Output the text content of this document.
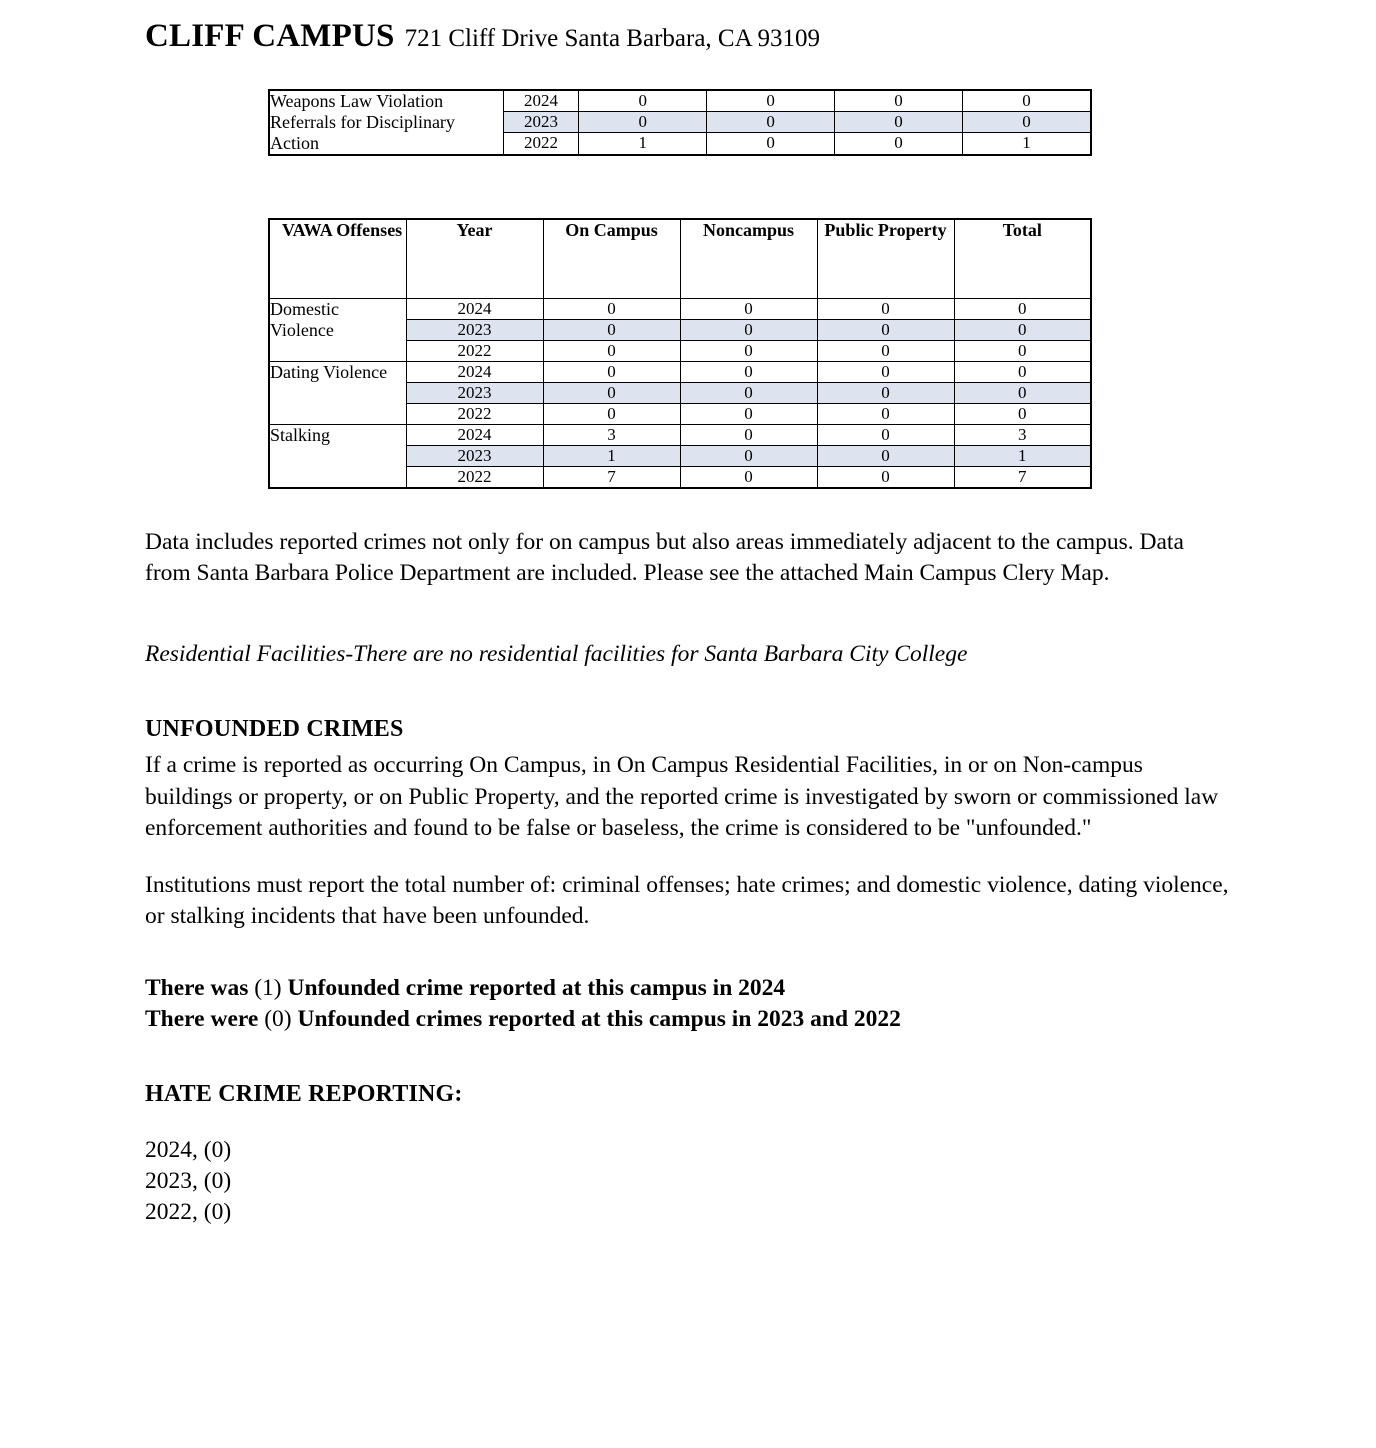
CLIFF CAMPUS 721 Cliff Drive Santa Barbara, CA 93109
Weapons Law Violation Referrals for Disciplinary Action	2024	0	0	0	0
	2023	0	0	0	0
	2022	1	0	0	1
VAWA Offenses	Year	On Campus	Noncampus	Public Property	Total
Domestic Violence	2024	0	0	0	0
	2023	0	0	0	0
	2022	0	0	0	0
Dating Violence	2024	0	0	0	0
	2023	0	0	0	0
	2022	0	0	0	0
Stalking	2024	3	0	0	3
	2023	1	0	0	1
	2022	7	0	0	7

Data includes reported crimes not only for on campus but also areas immediately adjacent to the campus. Data from Santa Barbara Police Department are included. Please see the attached Main Campus Clery Map.

Residential Facilities-There are no residential facilities for Santa Barbara City College

UNFOUNDED CRIMES

If a crime is reported as occurring On Campus, in On Campus Residential Facilities, in or on Non-campus buildings or property, or on Public Property, and the reported crime is investigated by sworn or commissioned law enforcement authorities and found to be false or baseless, the crime is considered to be "unfounded."

Institutions must report the total number of: criminal offenses; hate crimes; and domestic violence, dating violence, or stalking incidents that have been unfounded.

There was (1) Unfounded crime reported at this campus in 2024
There were (0) Unfounded crimes reported at this campus in 2023 and 2022
HATE CRIME REPORTING:
2024, (0)
2023, (0)
2022, (0)
